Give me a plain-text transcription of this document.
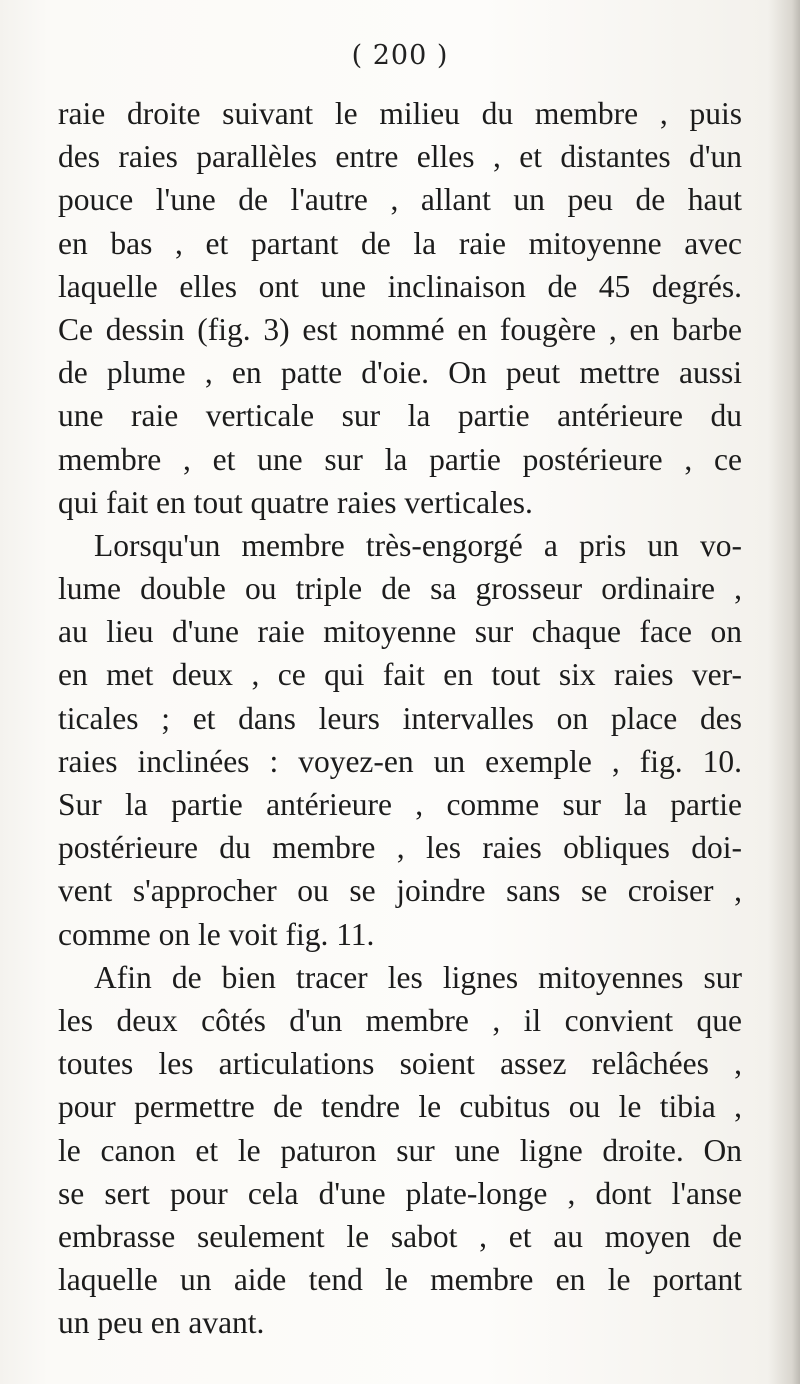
( 200 )
raie droite suivant le milieu du membre , puis
des raies parallèles entre elles , et distantes d'un
pouce l'une de l'autre , allant un peu de haut
en bas , et partant de la raie mitoyenne avec
laquelle elles ont une inclinaison de 45 degrés.
Ce dessin (fig. 3) est nommé en fougère , en barbe
de plume , en patte d'oie. On peut mettre aussi
une raie verticale sur la partie antérieure du
membre , et une sur la partie postérieure , ce
qui fait en tout quatre raies verticales.
Lorsqu'un membre très-engorgé a pris un vo-
lume double ou triple de sa grosseur ordinaire ,
au lieu d'une raie mitoyenne sur chaque face on
en met deux , ce qui fait en tout six raies ver-
ticales ; et dans leurs intervalles on place des
raies inclinées : voyez-en un exemple , fig. 10.
Sur la partie antérieure , comme sur la partie
postérieure du membre , les raies obliques doi-
vent s'approcher ou se joindre sans se croiser ,
comme on le voit fig. 11.
Afin de bien tracer les lignes mitoyennes sur
les deux côtés d'un membre , il convient que
toutes les articulations soient assez relâchées ,
pour permettre de tendre le cubitus ou le tibia ,
le canon et le paturon sur une ligne droite. On
se sert pour cela d'une plate-longe , dont l'anse
embrasse seulement le sabot , et au moyen de
laquelle un aide tend le membre en le portant
un peu en avant.
